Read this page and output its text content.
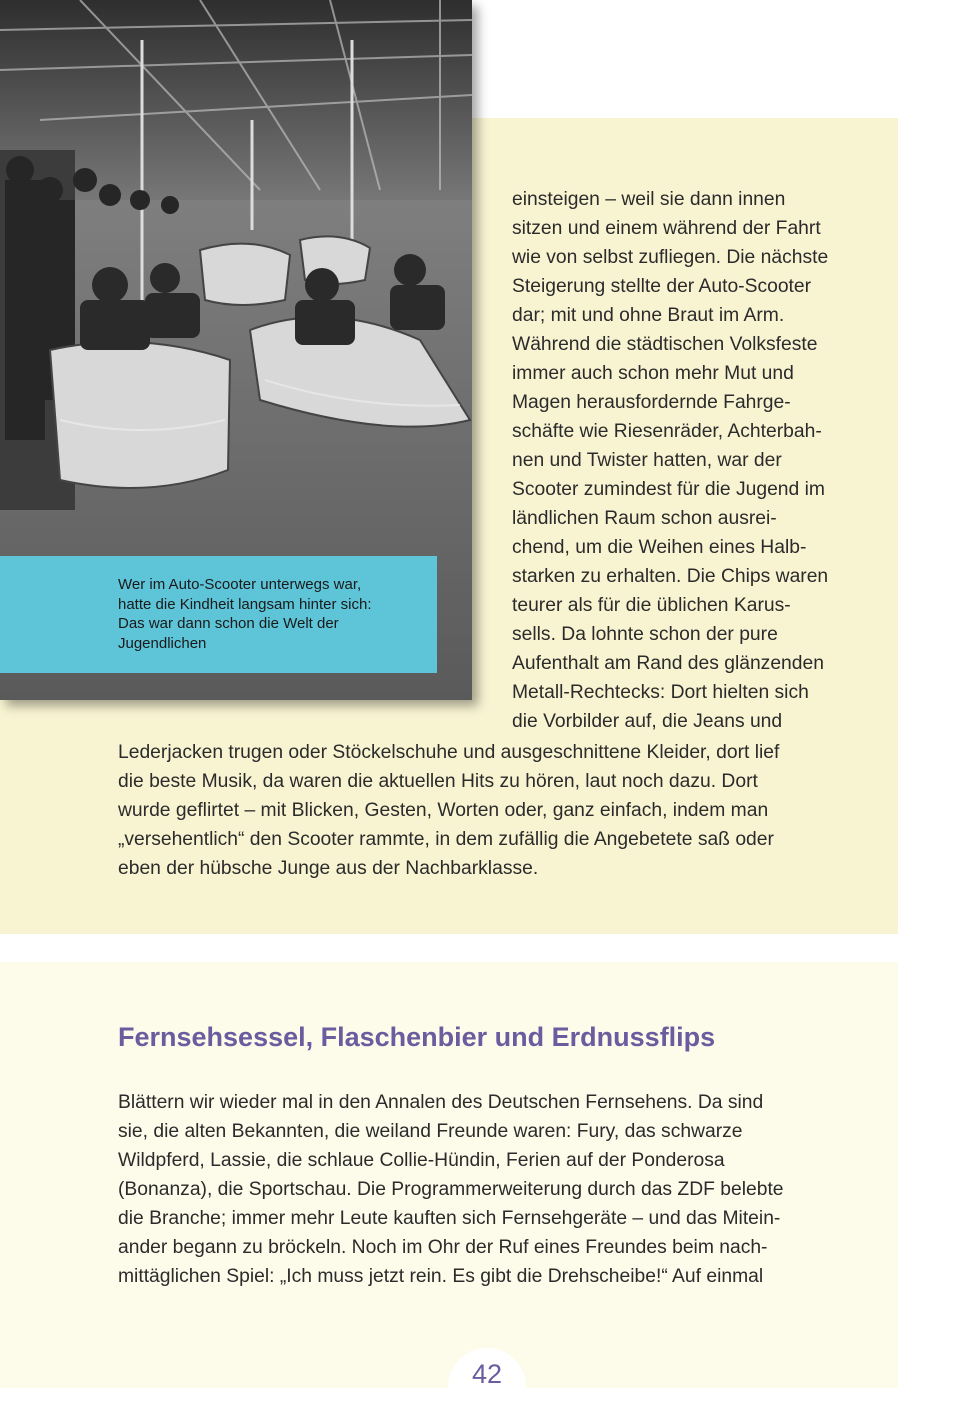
Wer im Auto-Scooter unterwegs war,

hatte die Kindheit langsam hinter sich:

Das war dann schon die Welt der

Jugendlichen

einsteigen – weil sie dann innen

sitzen und einem während der Fahrt

wie von selbst zufliegen. Die nächste

Steigerung stellte der Auto-Scooter

dar; mit und ohne Braut im Arm.

Während die städtischen Volksfeste

immer auch schon mehr Mut und

Magen herausfordernde Fahrge-

schäfte wie Riesenräder, Achterbah-

nen und Twister hatten, war der

Scooter zumindest für die Jugend im

ländlichen Raum schon ausrei-

chend, um die Weihen eines Halb-

starken zu erhalten. Die Chips waren

teurer als für die üblichen Karus-

sells. Da lohnte schon der pure

Aufenthalt am Rand des glänzenden

Metall-Rechtecks: Dort hielten sich

die Vorbilder auf, die Jeans und

Lederjacken trugen oder Stöckelschuhe und ausgeschnittene Kleider, dort lief

die beste Musik, da waren die aktuellen Hits zu hören, laut noch dazu. Dort

wurde geflirtet – mit Blicken, Gesten, Worten oder, ganz einfach, indem man

„versehentlich“ den Scooter rammte, in dem zufällig die Angebetete saß oder

eben der hübsche Junge aus der Nachbarklasse.

Fernsehsessel, Flaschenbier und Erdnussflips

Blättern wir wieder mal in den Annalen des Deutschen Fernsehens. Da sind

sie, die alten Bekannten, die weiland Freunde waren: Fury, das schwarze

Wildpferd, Lassie, die schlaue Collie-Hündin, Ferien auf der Ponderosa

(Bonanza), die Sportschau. Die Programmerweiterung durch das ZDF belebte

die Branche; immer mehr Leute kauften sich Fernsehgeräte – und das Mitein-

ander begann zu bröckeln. Noch im Ohr der Ruf eines Freundes beim nach-

mittäglichen Spiel: „Ich muss jetzt rein. Es gibt die Drehscheibe!“ Auf einmal

42
